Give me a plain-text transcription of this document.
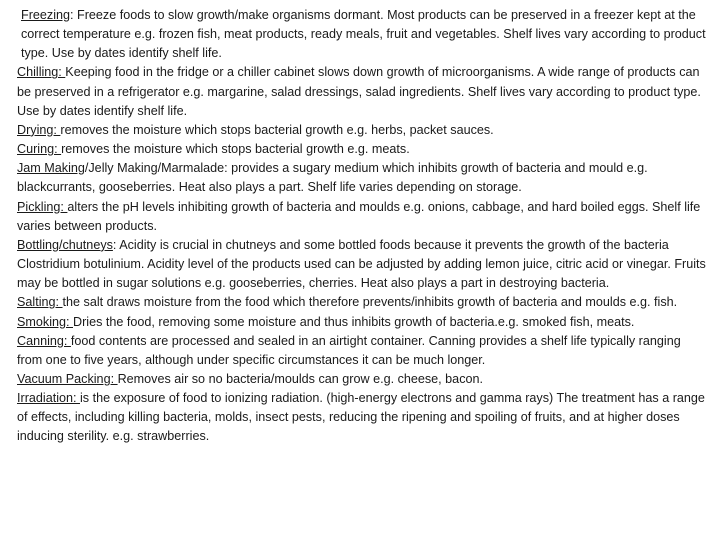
Freezing: Freeze foods to slow growth/make organisms dormant. Most products can be preserved in a freezer kept at the correct temperature e.g. frozen fish, meat products, ready meals, fruit and vegetables. Shelf lives vary according to product type. Use by dates identify shelf life.

Chilling: Keeping food in the fridge or a chiller cabinet slows down growth of microorganisms. A wide range of products can be preserved in a refrigerator e.g. margarine, salad dressings, salad ingredients. Shelf lives vary according to product type. Use by dates identify shelf life.

Drying: removes the moisture which stops bacterial growth e.g. herbs, packet sauces.

Curing: removes the moisture which stops bacterial growth e.g. meats.

Jam Making/Jelly Making/Marmalade: provides a sugary medium which inhibits growth of bacteria and mould e.g. blackcurrants, gooseberries. Heat also plays a part. Shelf life varies depending on storage.

Pickling: alters the pH levels inhibiting growth of bacteria and moulds e.g. onions, cabbage, and hard boiled eggs. Shelf life varies between products.

Bottling/chutneys: Acidity is crucial in chutneys and some bottled foods because it prevents the growth of the bacteria Clostridium botulinium. Acidity level of the products used can be adjusted by adding lemon juice, citric acid or vinegar. Fruits may be bottled in sugar solutions e.g. gooseberries, cherries. Heat also plays a part in destroying bacteria.

Salting: the salt draws moisture from the food which therefore prevents/inhibits growth of bacteria and moulds e.g. fish. Smoking: Dries the food, removing some moisture and thus inhibits growth of bacteria.e.g. smoked fish, meats.

Canning: food contents are processed and sealed in an airtight container. Canning provides a shelf life typically ranging from one to five years, although under specific circumstances it can be much longer.

Vacuum Packing: Removes air so no bacteria/moulds can grow e.g. cheese, bacon.

Irradiation: is the exposure of food to ionizing radiation. (high-energy electrons and gamma rays) The treatment has a range of effects, including killing bacteria, molds, insect pests, reducing the ripening and spoiling of fruits, and at higher doses inducing sterility. e.g. strawberries.
